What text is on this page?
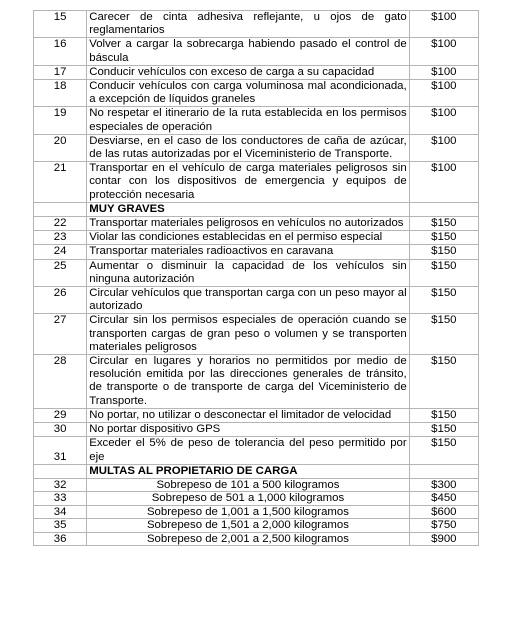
15	Carecer de cinta adhesiva reflejante, u ojos de gato reglamentarios	$100
16	Volver a cargar la sobrecarga habiendo pasado el control de báscula	$100
17	Conducir vehículos con exceso de carga a su capacidad	$100
18	Conducir vehículos con carga voluminosa mal acondicionada, a excepción de líquidos graneles	$100
19	No respetar el itinerario de la ruta establecida en los permisos especiales de operación	$100
20	Desviarse, en el caso de los conductores de caña de azúcar, de las rutas autorizadas por el Viceministerio de Transporte.	$100
21	Transportar en el vehículo de carga materiales peligrosos sin contar con los dispositivos de emergencia y equipos de protección necesaria	$100
	MUY GRAVES	
22	Transportar materiales peligrosos en vehículos no autorizados	$150
23	Violar las condiciones establecidas en el permiso especial	$150
24	Transportar materiales radioactivos en caravana	$150
25	Aumentar o disminuir la capacidad de los vehículos sin ninguna autorización	$150
26	Circular vehículos que transportan carga con un peso mayor al autorizado	$150
27	Circular sin los permisos especiales de operación cuando se transporten cargas de gran peso o volumen y se transporten materiales peligrosos	$150
28	Circular en lugares y horarios no permitidos por medio de resolución emitida por las direcciones generales de tránsito, de transporte o de transporte de carga del Viceministerio de Transporte.	$150
29	No portar, no utilizar o desconectar el limitador de velocidad	$150
30	No portar dispositivo GPS	$150
31	Exceder el 5% de peso de tolerancia del peso permitido por eje	$150
	MULTAS AL PROPIETARIO DE CARGA	
32	Sobrepeso de 101 a 500 kilogramos	$300
33	Sobrepeso de 501 a 1,000 kilogramos	$450
34	Sobrepeso de 1,001 a 1,500 kilogramos	$600
35	Sobrepeso de 1,501 a 2,000 kilogramos	$750
36	Sobrepeso de 2,001 a 2,500 kilogramos	$900
